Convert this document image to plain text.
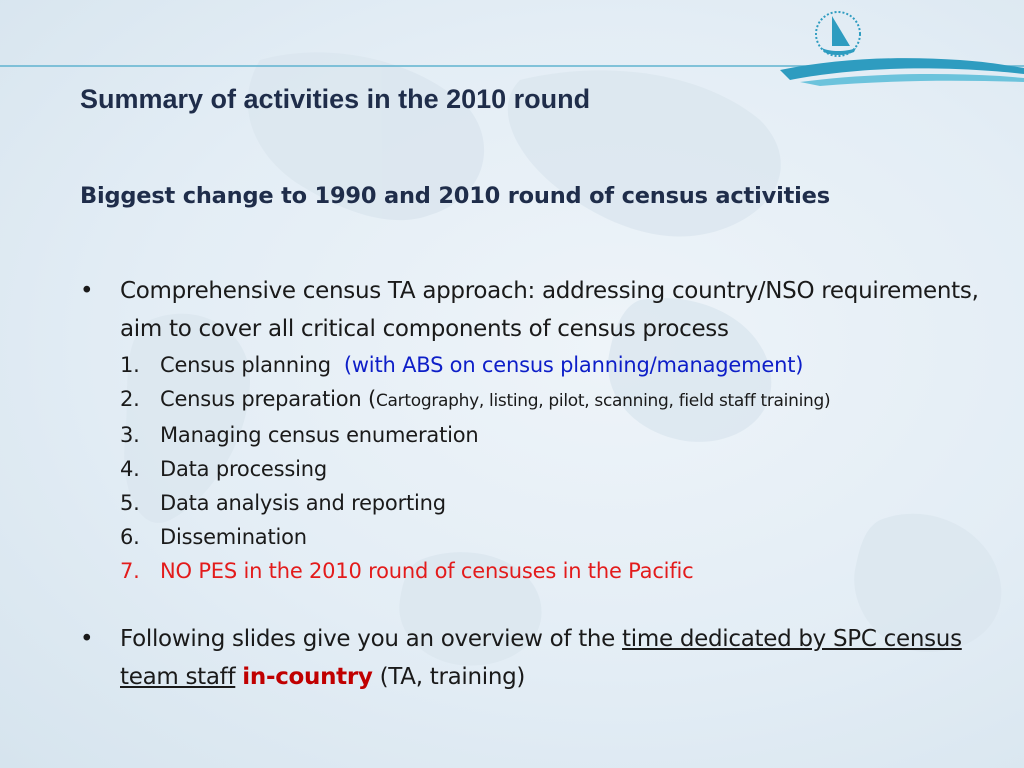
Summary of activities in the 2010 round
Biggest change to 1990 and 2010 round of census activities
• Comprehensive census TA approach: addressing country/NSO requirements, aim to cover all critical components of census process
1. Census planning (with ABS on census planning/management)
2. Census preparation (Cartography, listing, pilot, scanning, field staff training)
3. Managing census enumeration
4. Data processing
5. Data analysis and reporting
6. Dissemination
7. NO PES in the 2010 round of censuses in the Pacific
• Following slides give you an overview of the time dedicated by SPC census team staff in-country (TA, training)
